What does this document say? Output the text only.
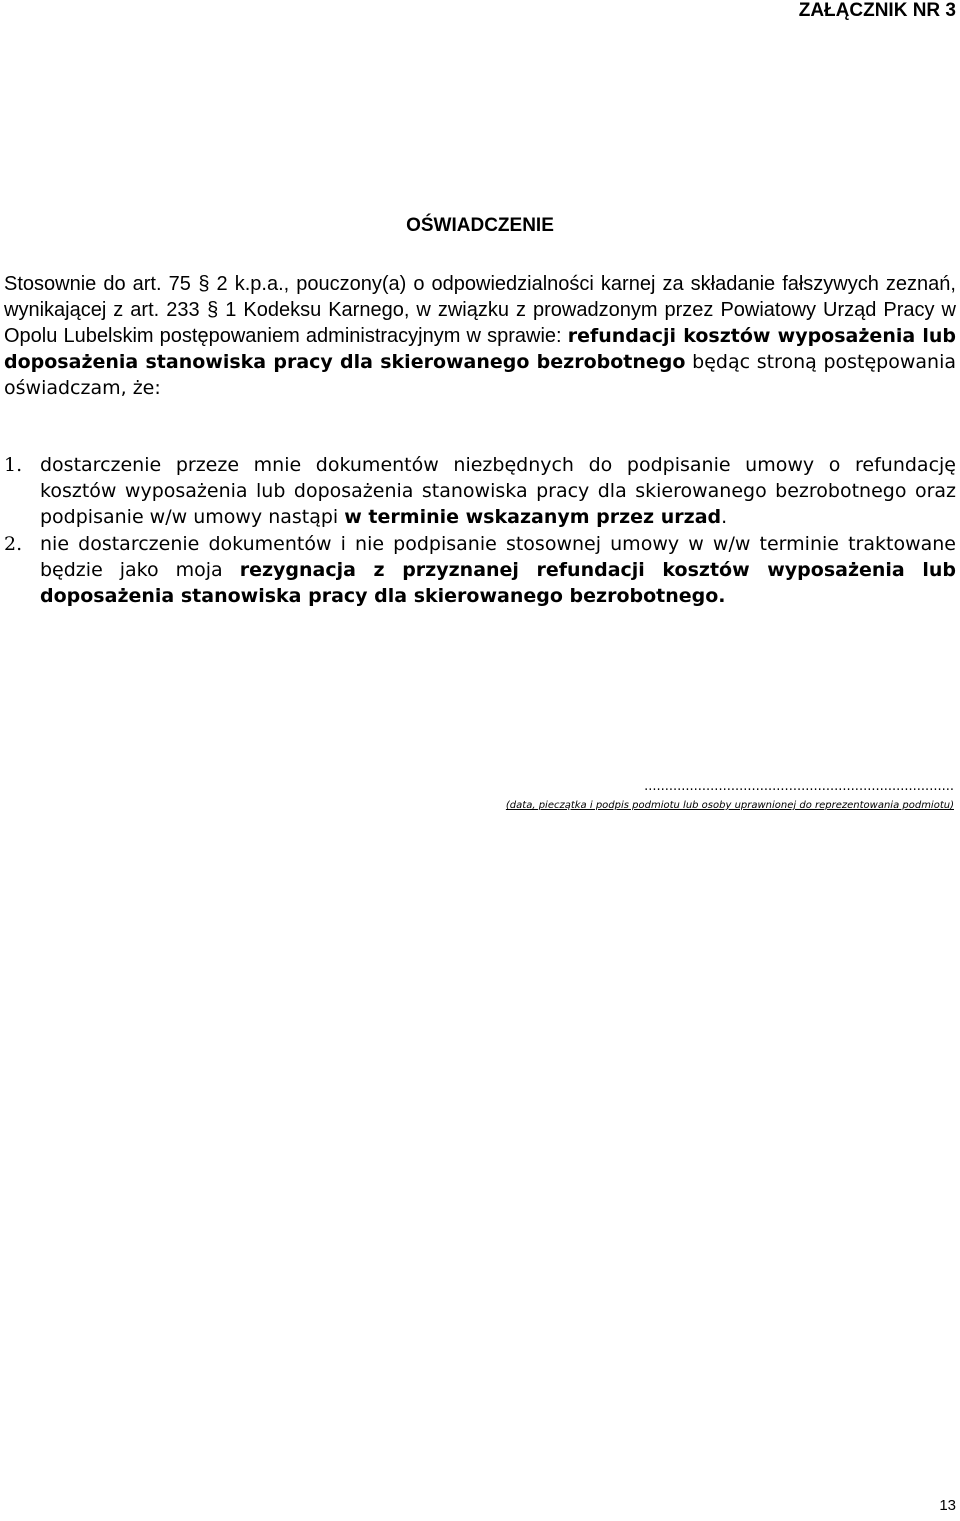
ZAŁĄCZNIK NR 3
OŚWIADCZENIE
Stosownie do art. 75 § 2 k.p.a., pouczony(a) o odpowiedzialności karnej za składanie fałszywych zeznań, wynikającej z art. 233 § 1 Kodeksu Karnego, w związku z prowadzonym przez Powiatowy Urząd Pracy w Opolu Lubelskim postępowaniem administracyjnym w sprawie: refundacji kosztów wyposażenia lub doposażenia stanowiska pracy dla skierowanego bezrobotnego będąc stroną postępowania oświadczam, że:
1. dostarczenie przeze mnie dokumentów niezbędnych do podpisanie umowy o refundację kosztów wyposażenia lub doposażenia stanowiska pracy dla skierowanego bezrobotnego oraz podpisanie w/w umowy nastąpi w terminie wskazanym przez urzad.
2. nie dostarczenie dokumentów i nie podpisanie stosownej umowy w w/w terminie traktowane będzie jako moja rezygnacja z przyznanej refundacji kosztów wyposażenia lub doposażenia stanowiska pracy dla skierowanego bezrobotnego.
...........................................................................
(data, pieczątka i podpis podmiotu lub osoby uprawnionej do reprezentowania podmiotu)
13
